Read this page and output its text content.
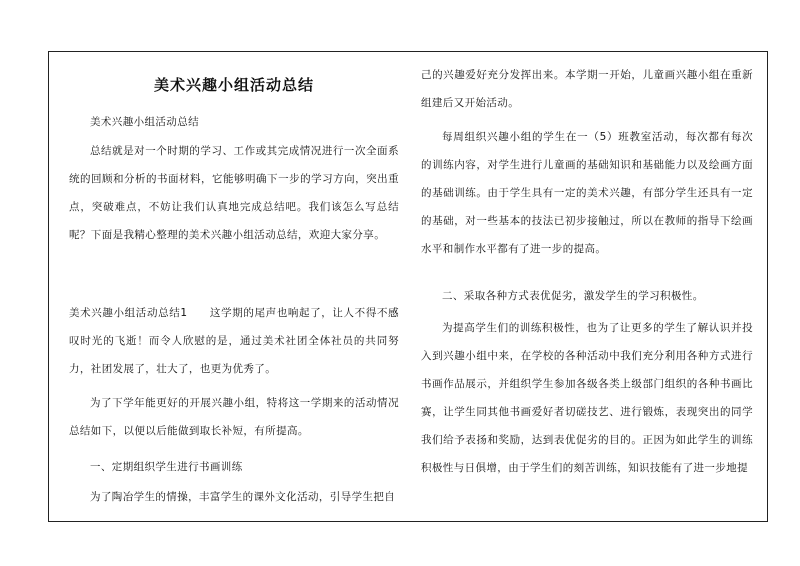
美术兴趣小组活动总结

美术兴趣小组活动总结

总结就是对一个时期的学习、工作或其完成情况进行一次全面系统的回顾和分析的书面材料，它能够明确下一步的学习方向，突出重点，突破难点，不妨让我们认真地完成总结吧。我们该怎么写总结呢？下面是我精心整理的美术兴趣小组活动总结，欢迎大家分享。

美术兴趣小组活动总结1　　这学期的尾声也响起了，让人不得不感叹时光的飞逝！而令人欣慰的是，通过美术社团全体社员的共同努力，社团发展了，壮大了，也更为优秀了。

为了下学年能更好的开展兴趣小组，特将这一学期来的活动情况总结如下，以便以后能做到取长补短，有所提高。

一、定期组织学生进行书画训练

为了陶冶学生的情操，丰富学生的课外文化活动，引导学生把自

己的兴趣爱好充分发挥出来。本学期一开始，儿童画兴趣小组在重新组建后又开始活动。

每周组织兴趣小组的学生在一（5）班教室活动，每次都有每次的训练内容，对学生进行儿童画的基础知识和基础能力以及绘画方面的基础训练。由于学生具有一定的美术兴趣，有部分学生还具有一定的基础，对一些基本的技法已初步接触过，所以在教师的指导下绘画水平和制作水平都有了进一步的提高。

二、采取各种方式表优促劣，激发学生的学习积极性。

为提高学生们的训练积极性，也为了让更多的学生了解认识并投入到兴趣小组中来，在学校的各种活动中我们充分利用各种方式进行书画作品展示，并组织学生参加各级各类上级部门组织的各种书画比赛，让学生同其他书画爱好者切磋技艺、进行锻炼，表现突出的同学我们给予表扬和奖励，达到表优促劣的目的。正因为如此学生的训练积极性与日俱增，由于学生们的刻苦训练，知识技能有了进一步地提
